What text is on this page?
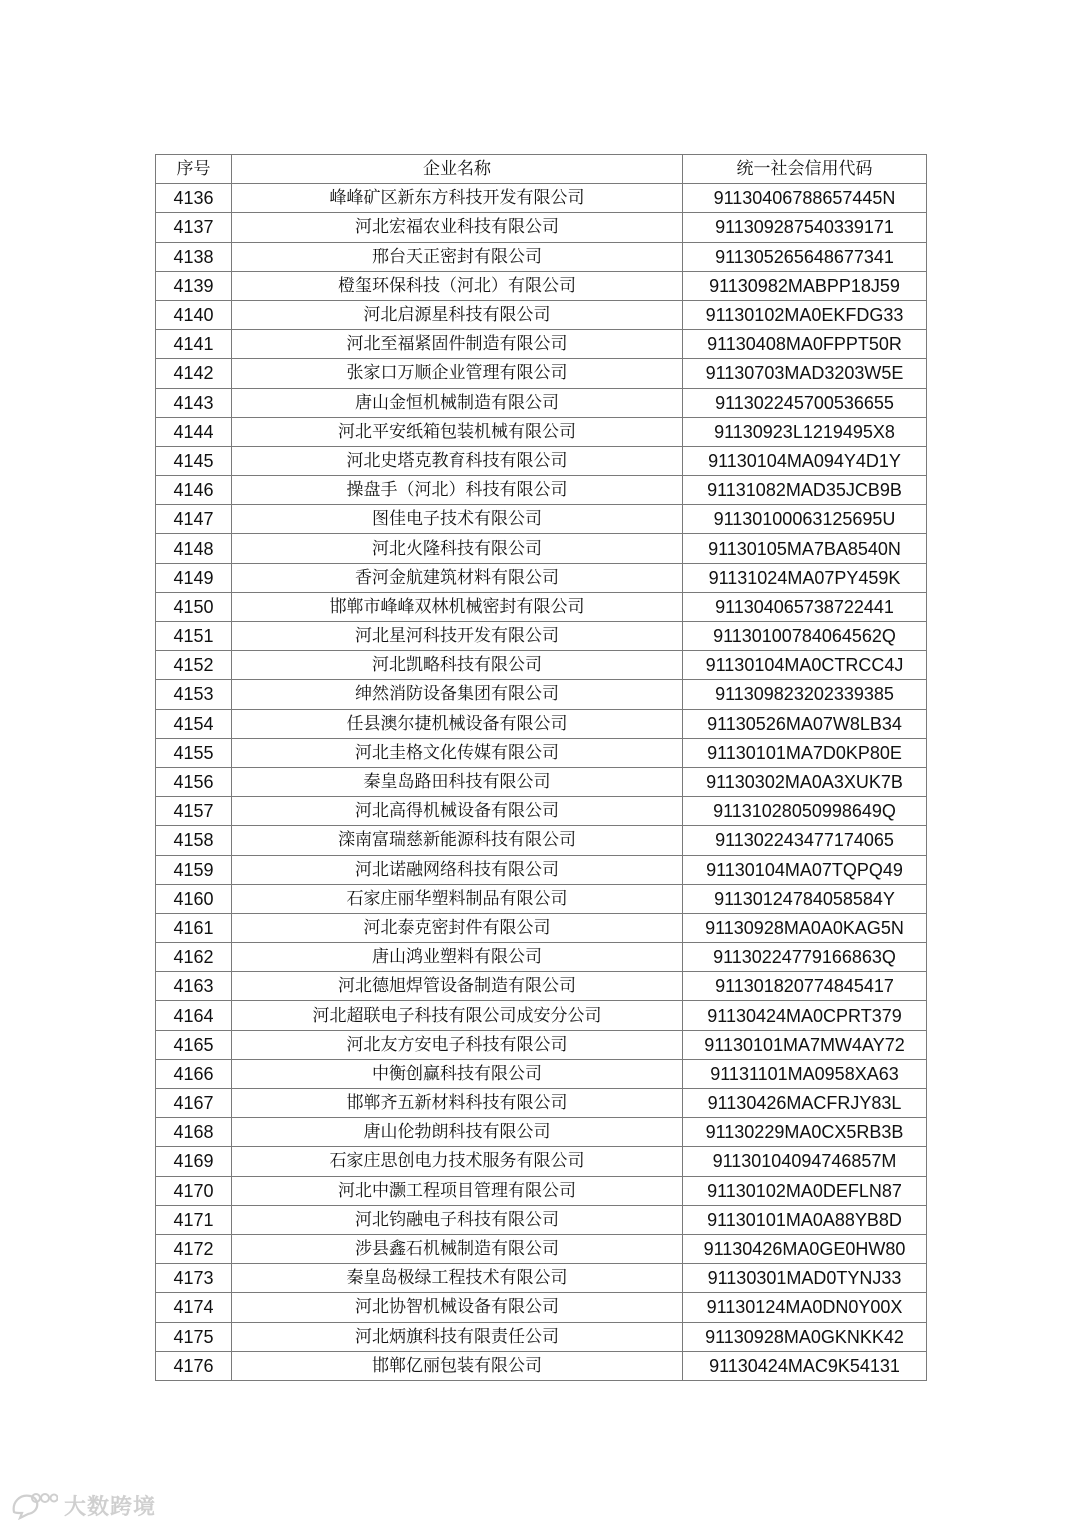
序号	企业名称	统一社会信用代码
4136	峰峰矿区新东方科技开发有限公司	91130406788657445N
4137	河北宏福农业科技有限公司	911309287540339171
4138	邢台天正密封有限公司	911305265648677341
4139	橙玺环保科技（河北）有限公司	91130982MABPP18J59
4140	河北启源星科技有限公司	91130102MA0EKFDG33
4141	河北至福紧固件制造有限公司	91130408MA0FPPT50R
4142	张家口万顺企业管理有限公司	91130703MAD3203W5E
4143	唐山金恒机械制造有限公司	911302245700536655
4144	河北平安纸箱包装机械有限公司	91130923L1219495X8
4145	河北史塔克教育科技有限公司	91130104MA094Y4D1Y
4146	操盘手（河北）科技有限公司	91131082MAD35JCB9B
4147	图佳电子技术有限公司	91130100063125695U
4148	河北火隆科技有限公司	91130105MA7BA8540N
4149	香河金航建筑材料有限公司	91131024MA07PY459K
4150	邯郸市峰峰双林机械密封有限公司	911304065738722441
4151	河北星河科技开发有限公司	91130100784064562Q
4152	河北凯略科技有限公司	91130104MA0CTRCC4J
4153	绅然消防设备集团有限公司	911309823202339385
4154	任县澳尔捷机械设备有限公司	91130526MA07W8LB34
4155	河北圭格文化传媒有限公司	91130101MA7D0KP80E
4156	秦皇岛路田科技有限公司	91130302MA0A3XUK7B
4157	河北高得机械设备有限公司	91131028050998649Q
4158	滦南富瑞慈新能源科技有限公司	911302243477174065
4159	河北诺融网络科技有限公司	91130104MA07TQPQ49
4160	石家庄丽华塑料制品有限公司	91130124784058584Y
4161	河北泰克密封件有限公司	91130928MA0A0KAG5N
4162	唐山鸿业塑料有限公司	91130224779166863Q
4163	河北德旭焊管设备制造有限公司	911301820774845417
4164	河北超联电子科技有限公司成安分公司	91130424MA0CPRT379
4165	河北友方安电子科技有限公司	91130101MA7MW4AY72
4166	中衡创赢科技有限公司	91131101MA0958XA63
4167	邯郸齐五新材料科技有限公司	91130426MACFRJY83L
4168	唐山伦勃朗科技有限公司	91130229MA0CX5RB3B
4169	石家庄思创电力技术服务有限公司	91130104094746857M
4170	河北中灏工程项目管理有限公司	91130102MA0DEFLN87
4171	河北钧融电子科技有限公司	91130101MA0A88YB8D
4172	涉县鑫石机械制造有限公司	91130426MA0GE0HW80
4173	秦皇岛极绿工程技术有限公司	91130301MAD0TYNJ33
4174	河北协智机械设备有限公司	91130124MA0DN0Y00X
4175	河北炳旗科技有限责任公司	91130928MA0GKNKK42
4176	邯郸亿丽包装有限公司	91130424MAC9K54131
大数跨境
